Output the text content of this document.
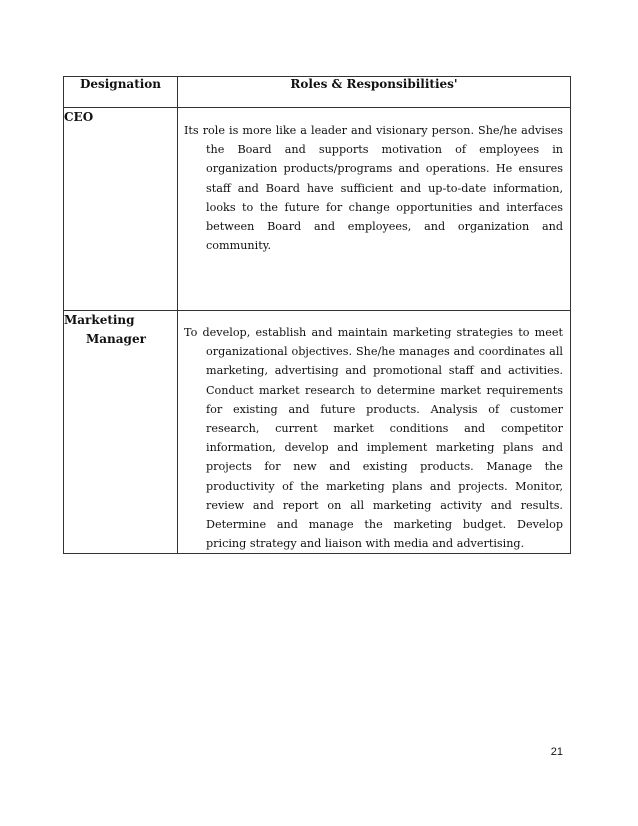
Designation	Roles & Responsibilities'
CEO	Its role is more like a leader and visionary person. She/he advises the Board and supports motivation of employees in organization products/programs and operations. He ensures staff and Board have sufficient and up-to-date information, looks to the future for change opportunities and interfaces between Board and employees, and organization and community.

Marketing
Manager	To develop, establish and maintain marketing strategies to meet organizational objectives. She/he manages and coordinates all marketing, advertising and promotional staff and activities. Conduct market research to determine market requirements for existing and future products. Analysis of customer research, current market conditions and competitor information, develop and implement marketing plans and projects for new and existing products. Manage the productivity of the marketing plans and projects. Monitor, review and report on all marketing activity and results. Determine and manage the marketing budget. Develop pricing strategy and liaison with media and advertising.
21
